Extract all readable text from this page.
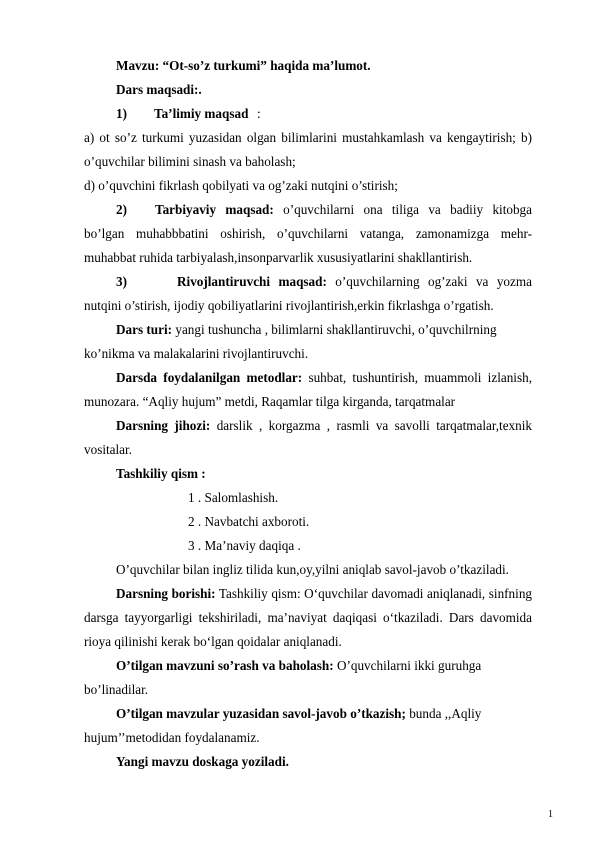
Mavzu: “Ot-so’z turkumi” haqida ma’lumot.
Dars maqsadi:.
1) Ta’limiy maqsad :
a) ot so’z turkumi yuzasidan olgan bilimlarini mustahkamlash va kengaytirish; b)
o’quvchilar bilimini sinash va baholash;
d) o’quvchini fikrlash qobilyati va og’zaki nutqini o’stirish;
2) Tarbiyaviy maqsad: o’quvchilarni ona tiliga va badiiy kitobga
bo’lgan muhabbbatini oshirish, o’quvchilarni vatanga, zamonamizga mehr-
muhabbat ruhida tarbiyalash,insonparvarlik xususiyatlarini shakllantirish.
3)	Rivojlantiruvchi maqsad: o’quvchilarning og’zaki va yozma
nutqini o’stirish, ijodiy qobiliyatlarini rivojlantirish,erkin fikrlashga o’rgatish.
Dars turi: yangi tushuncha , bilimlarni shakllantiruvchi, o’quvchilrning
ko’nikma va malakalarini rivojlantiruvchi.
Darsda foydalanilgan metodlar: suhbat, tushuntirish, muammoli izlanish,
munozara. “Aqliy hujum” metdi, Raqamlar tilga kirganda, tarqatmalar
Darsning jihozi: darslik , korgazma , rasmli va savolli tarqatmalar,texnik
vositalar.
Tashkiliy qism :
1 . Salomlashish.
2 . Navbatchi axboroti.
3 . Ma’naviy daqiqa .
O’quvchilar bilan ingliz tilida kun,oy,yilni aniqlab savol-javob o’tkaziladi.
Darsning borishi: Tashkiliy qism: O‘quvchilar davomadi aniqlanadi, sinfning
darsga tayyorgarligi tekshiriladi, ma’naviyat daqiqasi o‘tkaziladi. Dars davomida
rioya qilinishi kerak bo‘lgan qoidalar aniqlanadi.
O’tilgan mavzuni so’rash va baholash: O’quvchilarni ikki guruhga
bo’linadilar.
O’tilgan mavzular yuzasidan savol-javob o’tkazish; bunda ,,Aqliy
hujum’’metodidan foydalanamiz.
Yangi mavzu doskaga yoziladi.
1
